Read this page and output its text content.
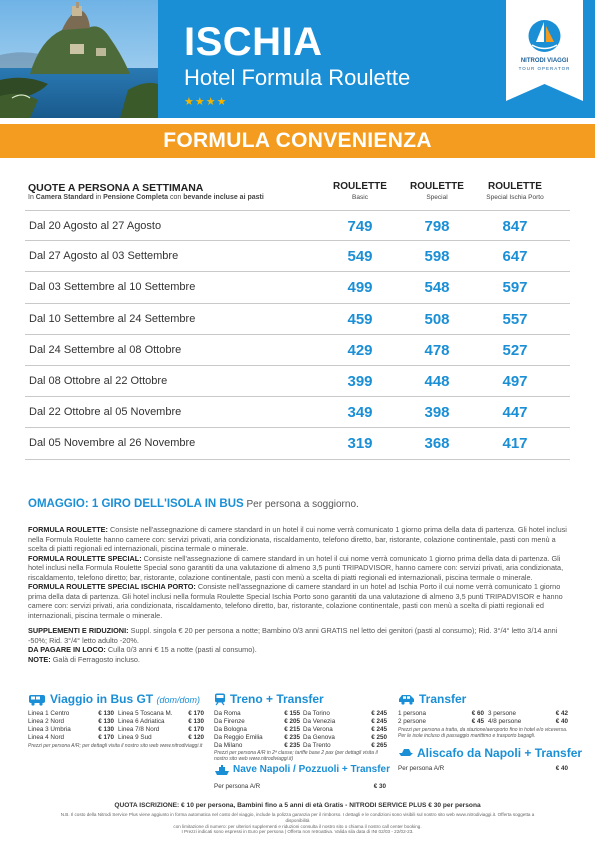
ISCHIA
Hotel Formula Roulette
★★★★
NITRODI VIAGGI
TOUR OPERATOR
FORMULA CONVENIENZA
QUOTE A PERSONA A SETTIMANA
In Camera Standard in Pensione Completa con bevande incluse ai pasti
ROULETTE
Basic
ROULETTE
Special
ROULETTE
Special Ischia Porto
Dal 20 Agosto al 27 Agosto	749	798	847
Dal 27 Agosto al 03 Settembre	549	598	647
Dal 03 Settembre al 10 Settembre	499	548	597
Dal 10 Settembre al 24 Settembre	459	508	557
Dal 24 Settembre al 08 Ottobre	429	478	527
Dal 08 Ottobre al 22 Ottobre	399	448	497
Dal 22 Ottobre al 05 Novembre	349	398	447
Dal 05 Novembre al 26 Novembre	319	368	417
OMAGGIO: 1 GIRO DELL'ISOLA IN BUS Per persona a soggiorno.

FORMULA ROULETTE: Consiste nell'assegnazione di camere standard in un hotel il cui nome verrà comunicato 1 giorno prima della data di partenza. Gli hotel inclusi nella Formula Roulette hanno camere con: servizi privati, aria condizionata, riscaldamento, telefono diretto, bar, ristorante, colazione continentale, pasti con menù a scelta di piatti regionali ed internazionali, piscina termale o minerale.

FORMULA ROULETTE SPECIAL: Consiste nell'assegnazione di camere standard in un hotel il cui nome verrà comunicato 1 giorno prima della data di partenza. Gli hotel inclusi nella Formula Roulette Special sono garantiti da una valutazione di almeno 3,5 punti TRIPADVISOR, hanno camere con: servizi privati, aria condizionata, riscaldamento, telefono diretto; bar, ristorante, colazione continentale, pasti con menù a scelta di piatti regionali ed internazionali, piscina termale o minerale.

FORMULA ROULETTE SPECIAL ISCHIA PORTO: Consiste nell'assegnazione di camere standard in un hotel ad Ischia Porto il cui nome verrà comunicato 1 giorno prima della data di partenza. Gli hotel inclusi nella formula Roulette Special Ischia Porto sono garantiti da una valutazione di almeno 3,5 punti TRIPADVISOR e hanno camere con: servizi privati, aria condizionata, riscaldamento, telefono diretto, bar, ristorante, colazione continentale, pasti con menù a scelta di piatti regionali ed internazionali, piscina termale o minerale.

SUPPLEMENTI E RIDUZIONI: Suppl. singola € 20 per persona a notte; Bambino 0/3 anni GRATIS nel letto dei genitori (pasti al consumo); Rid. 3°/4° letto 3/14 anni -50%; Rid. 3°/4° letto adulto -20%.

DA PAGARE IN LOCO: Culla 0/3 anni € 15 a notte (pasti al consumo).

NOTE: Galà di Ferragosto incluso.

Viaggio in Bus GT (dom/dom)
Linea 1 Centro	€ 130
Linea 2 Nord	€ 130
Linea 3 Umbria	€ 130
Linea 4 Nord	€ 170
Linea 5 Toscana M. € 170
Linea 6 Adriatica	€ 130
Linea 7/8 Nord	€ 170
Linea 9 Sud	€ 120
Prezzi per persona A/R; per dettagli visita il nostro sito web www.nitrodiviaggi.it
Treno + Transfer
Da Roma	€ 155
Da Firenze	€ 205
Da Bologna	€ 215
Da Reggio Emilia	€ 235
Da Milano	€ 235
Da Torino	€ 245
Da Venezia	€ 245
Da Verona	€ 245
Da Genova	€ 250
Da Trento	€ 265
Prezzi per persona A/R in 2ª classe; tariffe base 2 pax (per dettagli visita il nostro sito web www.nitrodiviaggi.it)
Nave Napoli / Pozzuoli + Transfer
Per persona A/R	€ 30
Transfer
1 persona	€ 60
2 persone	€ 45
3 persone	€ 42
4/8 persone	€ 40
Prezzi per persona a tratta, da stazione/aeroporto fino in hotel e/o viceversa. Per le isole incluso di passaggio marittimo e trasporto bagagli.
Aliscafo da Napoli + Transfer
Per persona A/R	€ 40
QUOTA ISCRIZIONE: € 10 per persona, Bambini fino a 5 anni di età Gratis - NITRODI SERVICE PLUS € 30 per persona
N.B. Il costo della Nitrodi Service Plus viene aggiunto in forma automatica nel costo del viaggio, include la polizza garanzia per il rimborso. I dettagli e le condizioni sono visibili sul nostro sito web www.nitrodiviaggi.it. Offerta soggetta a disponibilità
con limitazione di numero: per ulteriori supplementi e riduzioni consulta il nostro sito o chiama il nostro call center booking.
I Prezzi indicati sono espressi in Euro per persona | Offerta non retroattiva. Valida sila data di INI 02/03 - 22/02-23.
